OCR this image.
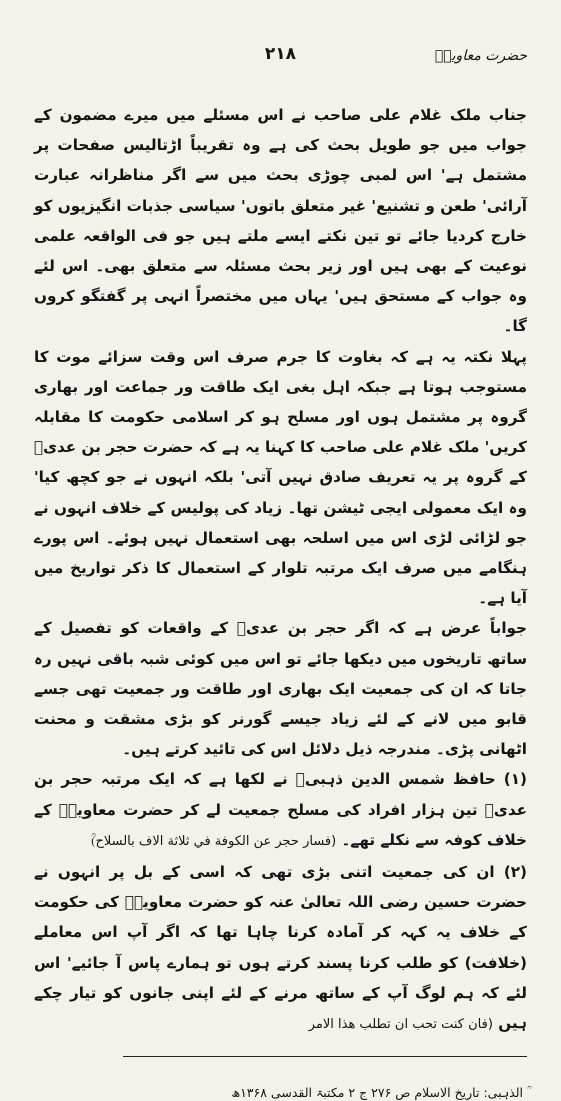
حضرت معاویہؓ
۲۱۸

جناب ملک غلام علی صاحب نے اس مسئلے میں میرے مضمون کے جواب میں جو طویل بحث کی ہے وہ تقریباً اڑتالیس صفحات پر مشتمل ہے' اس لمبی چوڑی بحث میں سے اگر مناظرانہ عبارت آرائی' طعن و تشنیع' غیر متعلق باتوں' سیاسی جذبات انگیزیوں کو خارج کردیا جائے تو تین نکتے ایسے ملتے ہیں جو فی الواقعہ علمی نوعیت کے بھی ہیں اور زیر بحث مسئلہ سے متعلق بھی۔ اس لئے وہ جواب کے مستحق ہیں' یہاں میں مختصراً انہی پر گفتگو کروں گا۔

پہلا نکتہ یہ ہے کہ بغاوت کا جرم صرف اس وقت سزائے موت کا مستوجب ہوتا ہے جبکہ اہل بغی ایک طاقت ور جماعت اور بھاری گروہ پر مشتمل ہوں اور مسلح ہو کر اسلامی حکومت کا مقابلہ کریں' ملک غلام علی صاحب کا کہنا یہ ہے کہ حضرت حجر بن عدیؓ کے گروہ پر یہ تعریف صادق نہیں آتی' بلکہ انہوں نے جو کچھ کیا' وہ ایک معمولی ایجی ٹیشن تھا۔ زیاد کی پولیس کے خلاف انہوں نے جو لڑائی لڑی اس میں اسلحہ بھی استعمال نہیں ہوئے۔ اس پورے ہنگامے میں صرف ایک مرتبہ تلوار کے استعمال کا ذکر تواریخ میں آیا ہے۔

جواباً عرض ہے کہ اگر حجر بن عدیؓ کے واقعات کو تفصیل کے ساتھ تاریخوں میں دیکھا جائے تو اس میں کوئی شبہ باقی نہیں رہ جاتا کہ ان کی جمعیت ایک بھاری اور طاقت ور جمعیت تھی جسے قابو میں لانے کے لئے زیاد جیسے گورنر کو بڑی مشقت و محنت اٹھانی پڑی۔ مندرجہ ذیل دلائل اس کی تائید کرتے ہیں۔

(۱) حافظ شمس الدین ذہبیؒ نے لکھا ہے کہ ایک مرتبہ حجر بن عدیؓ تین ہزار افراد کی مسلح جمعیت لے کر حضرت معاویہؓ کے خلاف کوفہ سے نکلے تھے۔ (فسار حجر عن الكوفة في ثلاثة الاف بالسلاح)ؒ

(۲) ان کی جمعیت اتنی بڑی تھی کہ اسی کے بل پر انہوں نے حضرت حسین رضی اللہ تعالیٰ عنہ کو حضرت معاویہؓ کی حکومت کے خلاف یہ کہہ کر آمادہ کرنا چاہا تھا کہ اگر آپ اس معاملے (خلافت) کو طلب کرنا پسند کرتے ہوں تو ہمارے پاس آ جائیے' اس لئے کہ ہم لوگ آپ کے ساتھ مرنے کے لئے اپنی جانوں کو تیار چکے ہیں (فان كنت تحب ان تطلب هذا الامر

ؒ الذہبی: تاریخ الاسلام ص ۲۷۶ ج ۲ مکتبۃ القدسی ۱۳۶۸ھ
